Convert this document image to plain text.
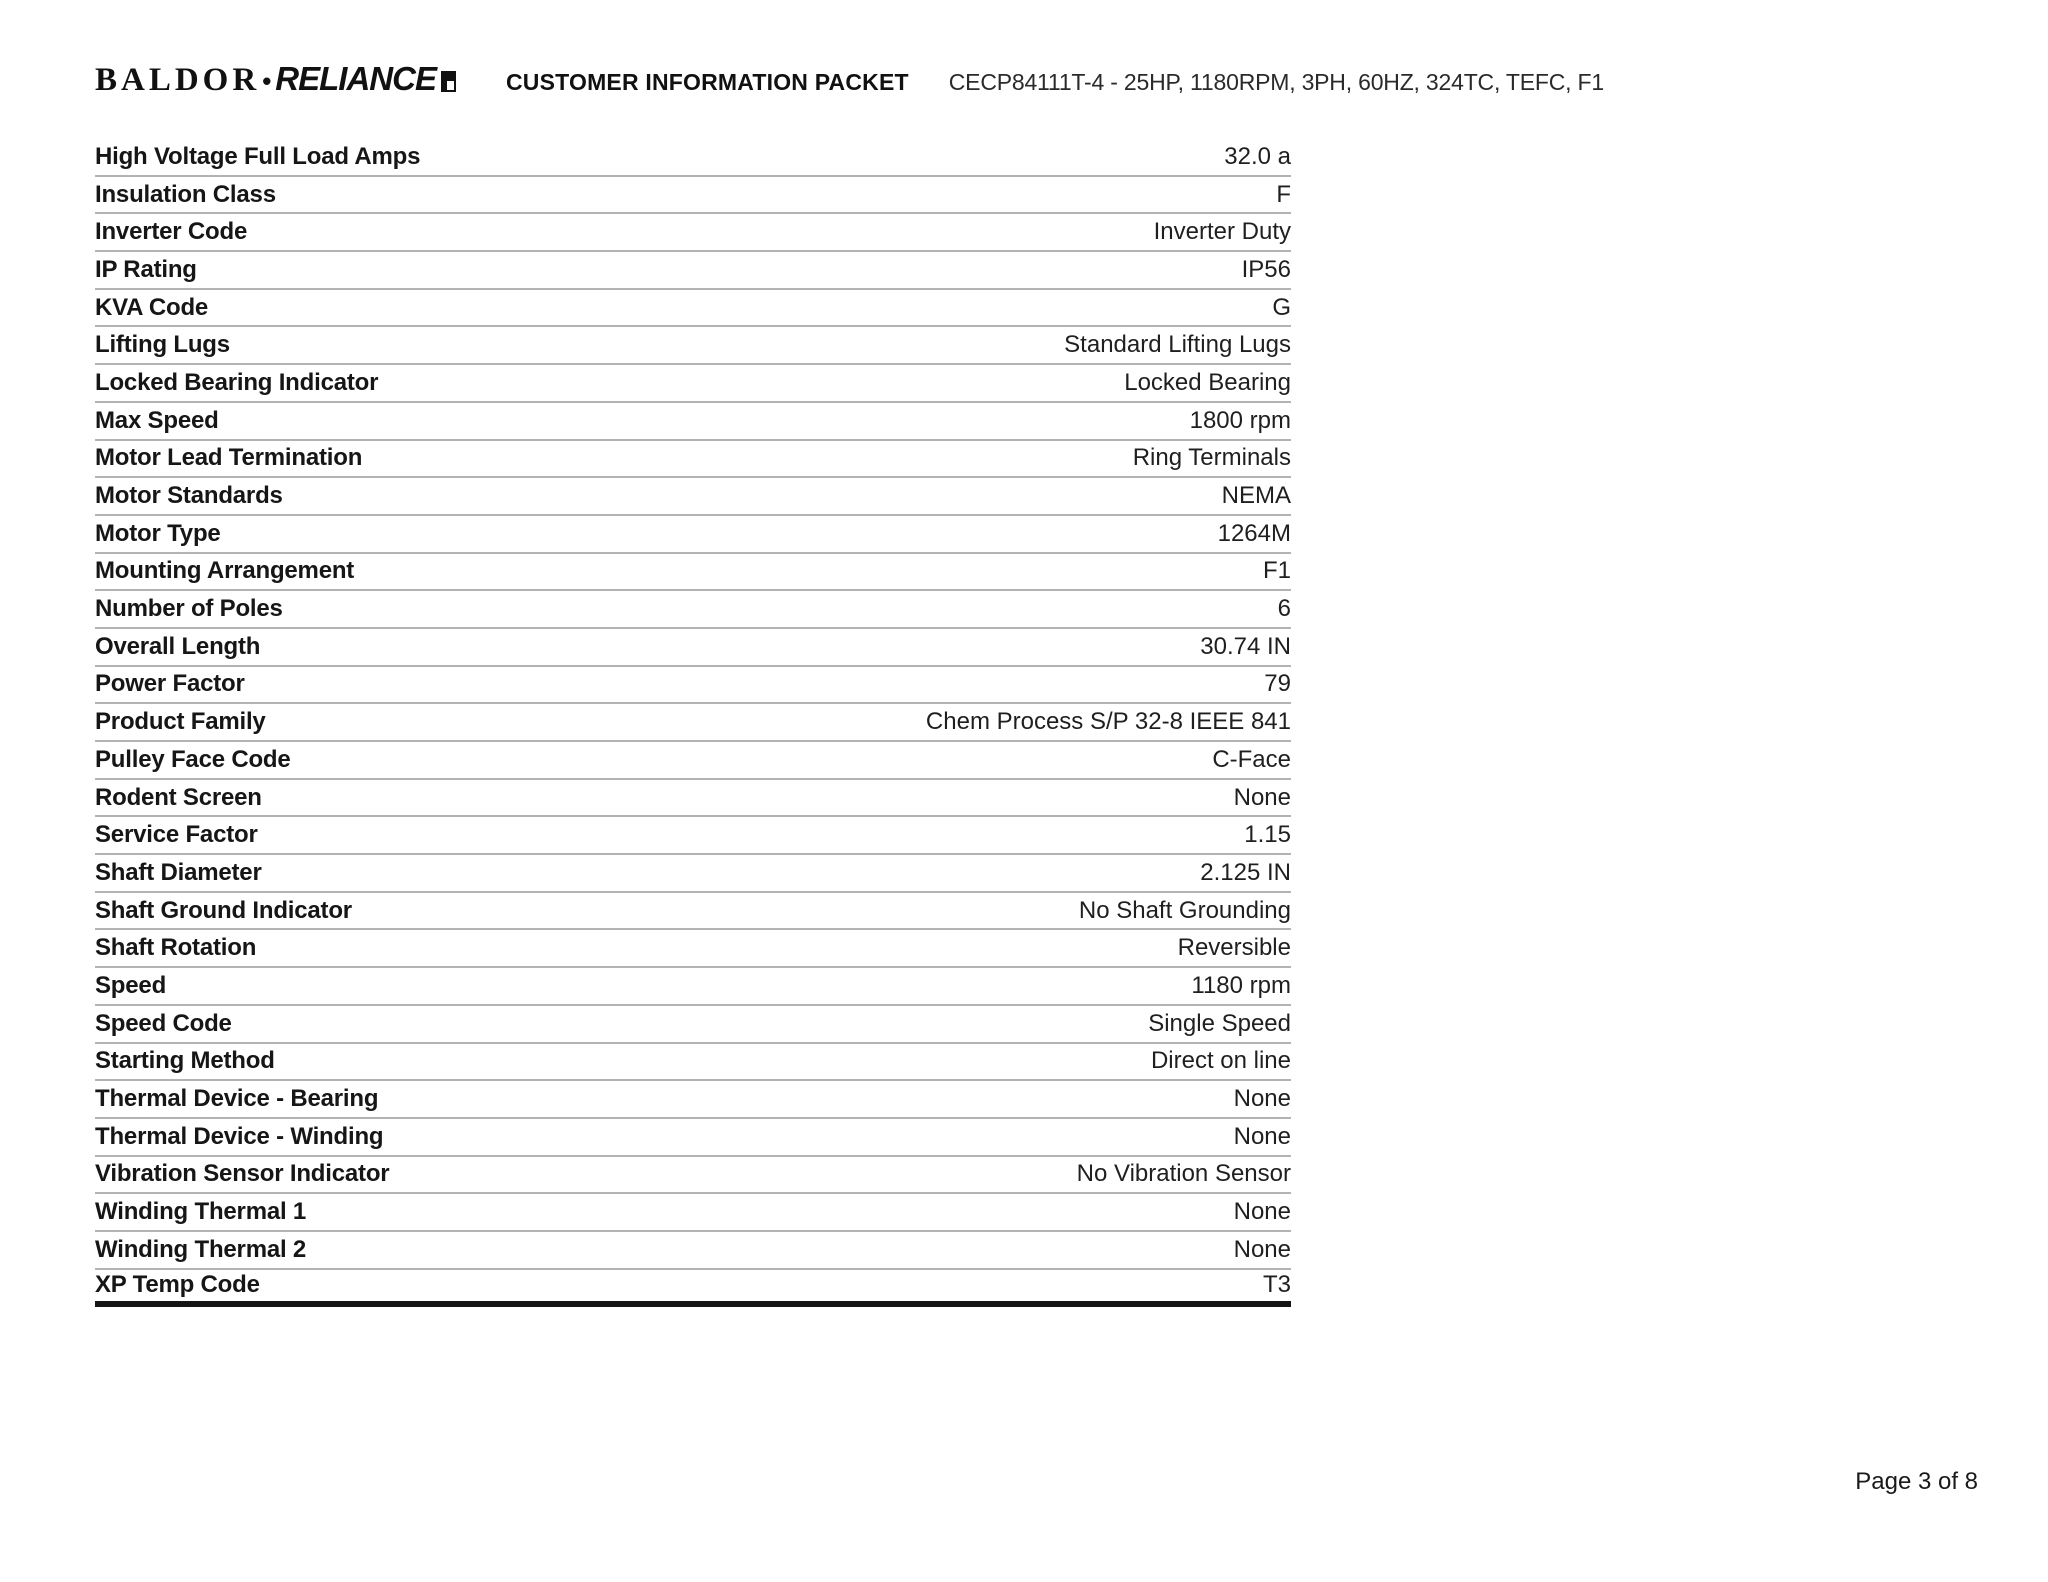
BALDOR • RELIANCE	CUSTOMER INFORMATION PACKET CECP84111T-4 - 25HP, 1180RPM, 3PH, 60HZ, 324TC, TEFC, F1
High Voltage Full Load Amps	32.0 a
Insulation Class	F
Inverter Code	Inverter Duty
IP Rating	IP56
KVA Code	G
Lifting Lugs	Standard Lifting Lugs
Locked Bearing Indicator	Locked Bearing
Max Speed	1800 rpm
Motor Lead Termination	Ring Terminals
Motor Standards	NEMA
Motor Type	1264M
Mounting Arrangement	F1
Number of Poles	6
Overall Length	30.74 IN
Power Factor	79
Product Family	Chem Process S/P 32-8 IEEE 841
Pulley Face Code	C-Face
Rodent Screen	None
Service Factor	1.15
Shaft Diameter	2.125 IN
Shaft Ground Indicator	No Shaft Grounding
Shaft Rotation	Reversible
Speed	1180 rpm
Speed Code	Single Speed
Starting Method	Direct on line
Thermal Device - Bearing	None
Thermal Device - Winding	None
Vibration Sensor Indicator	No Vibration Sensor
Winding Thermal 1	None
Winding Thermal 2	None
XP Temp Code	T3
Page 3 of 8
